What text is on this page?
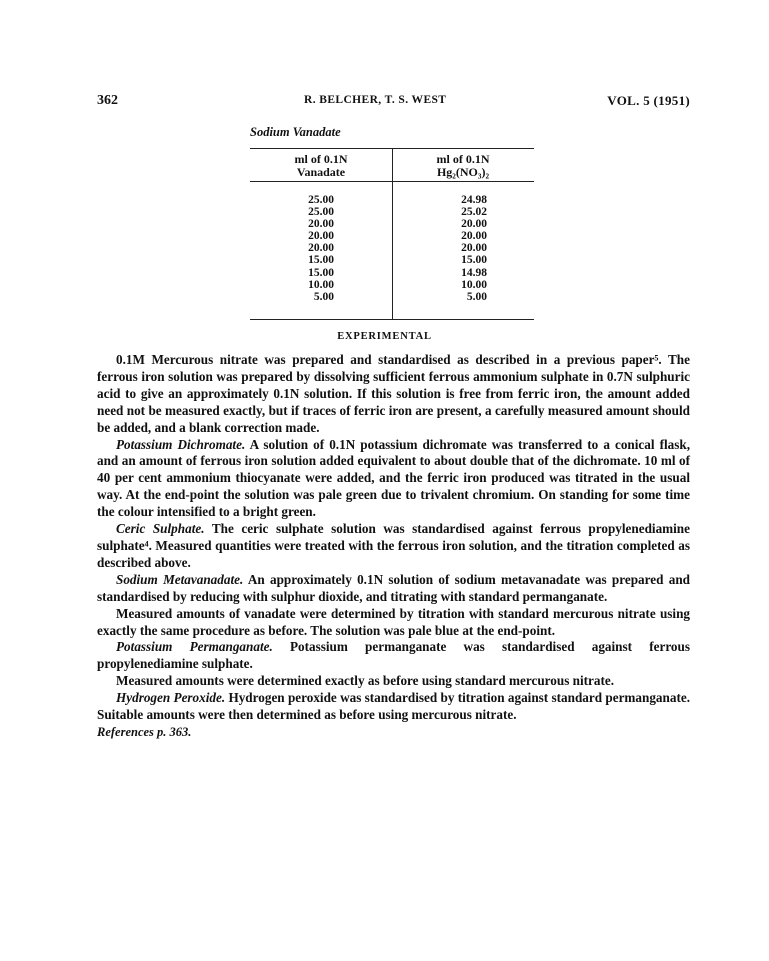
362	R. BELCHER, T. S. WEST	VOL. 5 (1951)
Sodium Vanadate
ml of 0.1N
Vanadate
ml of 0.1N
Hg₂(NO₃)₂
25.00
25.00
20.00
20.00
20.00
15.00
15.00
10.00
5.00
24.98
25.02
20.00
20.00
20.00
15.00
14.98
10.00
5.00
EXPERIMENTAL

0.1M Mercurous nitrate was prepared and standardised as described in a previous paper⁵. The ferrous iron solution was prepared by dissolving sufficient ferrous ammonium sulphate in 0.7N sulphuric acid to give an approximately 0.1N solution. If this solution is free from ferric iron, the amount added need not be measured exactly, but if traces of ferric iron are present, a carefully measured amount should be added, and a blank correction made.

Potassium Dichromate. A solution of 0.1N potassium dichromate was transferred to a conical flask, and an amount of ferrous iron solution added equivalent to about double that of the dichromate. 10 ml of 40 per cent ammonium thiocyanate were added, and the ferric iron produced was titrated in the usual way. At the end-point the solution was pale green due to trivalent chromium. On standing for some time the colour intensified to a bright green.

Ceric Sulphate. The ceric sulphate solution was standardised against ferrous propylenediamine sulphate⁴. Measured quantities were treated with the ferrous iron solution, and the titration completed as described above.

Sodium Metavanadate. An approximately 0.1N solution of sodium metavanadate was prepared and standardised by reducing with sulphur dioxide, and titrating with standard permanganate.

Measured amounts of vanadate were determined by titration with standard mercurous nitrate using exactly the same procedure as before. The solution was pale blue at the end-point.

Potassium Permanganate. Potassium permanganate was standardised against ferrous propylenediamine sulphate.

Measured amounts were determined exactly as before using standard mercurous nitrate.

Hydrogen Peroxide. Hydrogen peroxide was standardised by titration against standard permanganate. Suitable amounts were then determined as before using mercurous nitrate.

References p. 363.
